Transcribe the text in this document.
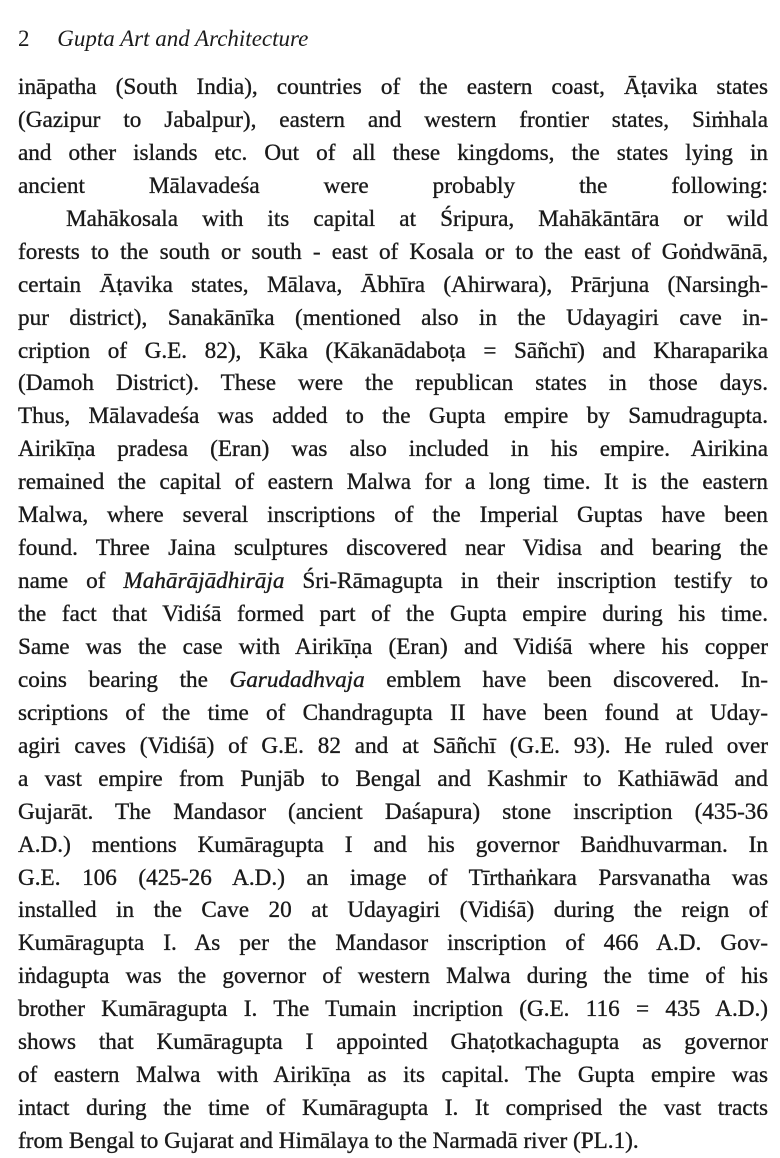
2 Gupta Art and Architecture
ināpatha (South India), countries of the eastern coast, Āṭavika states
(Gazipur to Jabalpur), eastern and western frontier states, Siṁhala
and other islands etc. Out of all these kingdoms, the states lying in
ancient Mālavadeśa were probably the following:
Mahākosala with its capital at Śripura, Mahākāntāra or wild
forests to the south or south - east of Kosala or to the east of Goṅdwānā,
certain Āṭavika states, Mālava, Ābhīra (Ahirwara), Prārjuna (Narsingh-
pur district), Sanakānīka (mentioned also in the Udayagiri cave in-
cription of G.E. 82), Kāka (Kākanādaboṭa = Sāñchī) and Kharaparika
(Damoh District). These were the republican states in those days.
Thus, Mālavadeśa was added to the Gupta empire by Samudragupta.
Airikīṇa pradesa (Eran) was also included in his empire. Airikina
remained the capital of eastern Malwa for a long time. It is the eastern
Malwa, where several inscriptions of the Imperial Guptas have been
found. Three Jaina sculptures discovered near Vidisa and bearing the
name of Mahārājādhirāja Śri-Rāmagupta in their inscription testify to
the fact that Vidiśā formed part of the Gupta empire during his time.
Same was the case with Airikīṇa (Eran) and Vidiśā where his copper
coins bearing the Garudadhvaja emblem have been discovered. In-
scriptions of the time of Chandragupta II have been found at Uday-
agiri caves (Vidiśā) of G.E. 82 and at Sāñchī (G.E. 93). He ruled over
a vast empire from Punjāb to Bengal and Kashmir to Kathiāwād and
Gujarāt. The Mandasor (ancient Daśapura) stone inscription (435-36
A.D.) mentions Kumāragupta I and his governor Baṅdhuvarman. In
G.E. 106 (425-26 A.D.) an image of Tīrthaṅkara Parsvanatha was
installed in the Cave 20 at Udayagiri (Vidiśā) during the reign of
Kumāragupta I. As per the Mandasor inscription of 466 A.D. Gov-
iṅdagupta was the governor of western Malwa during the time of his
brother Kumāragupta I. The Tumain incription (G.E. 116 = 435 A.D.)
shows that Kumāragupta I appointed Ghaṭotkachagupta as governor
of eastern Malwa with Airikīṇa as its capital. The Gupta empire was
intact during the time of Kumāragupta I. It comprised the vast tracts
from Bengal to Gujarat and Himālaya to the Narmadā river (PL.1).
